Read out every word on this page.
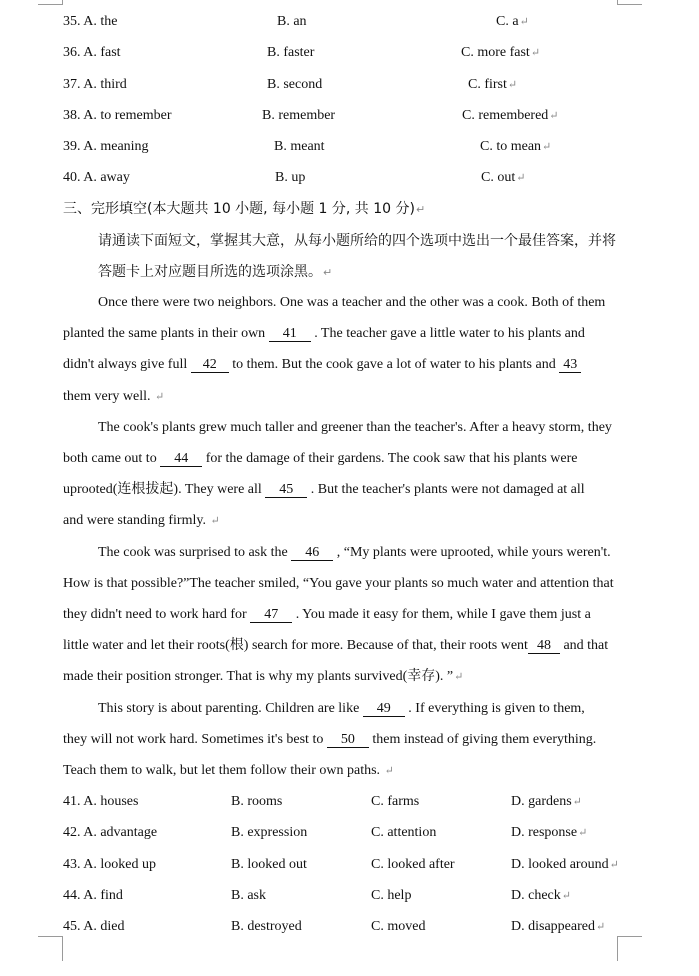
35. A. the	B. an	C. a↵
36. A. fast	B. faster	C. more fast↵
37. A. third	B. second	C. first↵
38. A. to remember	B. remember	C. remembered↵
39. A. meaning	B. meant	C. to mean↵
40. A. away	B. up	C. out↵
三、完形填空(本大题共 10 小题, 每小题 1 分, 共 10 分)↵
请通读下面短文，掌握其大意，从每小题所给的四个选项中选出一个最佳答案，并将
答题卡上对应题目所选的选项涂黑。↵
Once there were two neighbors. One was a teacher and the other was a cook. Both of them
planted the same plants in their own 41 . The teacher gave a little water to his plants and
didn't always give full 42 to them. But the cook gave a lot of water to his plants and 43
them very well. ↵
The cook's plants grew much taller and greener than the teacher's. After a heavy storm, they
both came out to 44 for the damage of their gardens. The cook saw that his plants were
uprooted(连根拔起). They were all 45 . But the teacher's plants were not damaged at all
and were standing firmly. ↵
The cook was surprised to ask the 46 , “My plants were uprooted, while yours weren't.
How is that possible?”The teacher smiled, “You gave your plants so much water and attention that
they didn't need to work hard for 47 . You made it easy for them, while I gave them just a
little water and let their roots(根) search for more. Because of that, their roots went 48 and that
made their position stronger. That is why my plants survived(幸存). ”↵
This story is about parenting. Children are like 49 . If everything is given to them,
they will not work hard. Sometimes it's best to 50 them instead of giving them everything.
Teach them to walk, but let them follow their own paths. ↵
41. A. houses	B. rooms	C. farms	D. gardens↵
42. A. advantage	B. expression	C. attention	D. response↵
43. A. looked up	B. looked out	C. looked after	D. looked around↵
44. A. find	B. ask	C. help	D. check↵
45. A. died	B. destroyed	C. moved	D. disappeared↵
